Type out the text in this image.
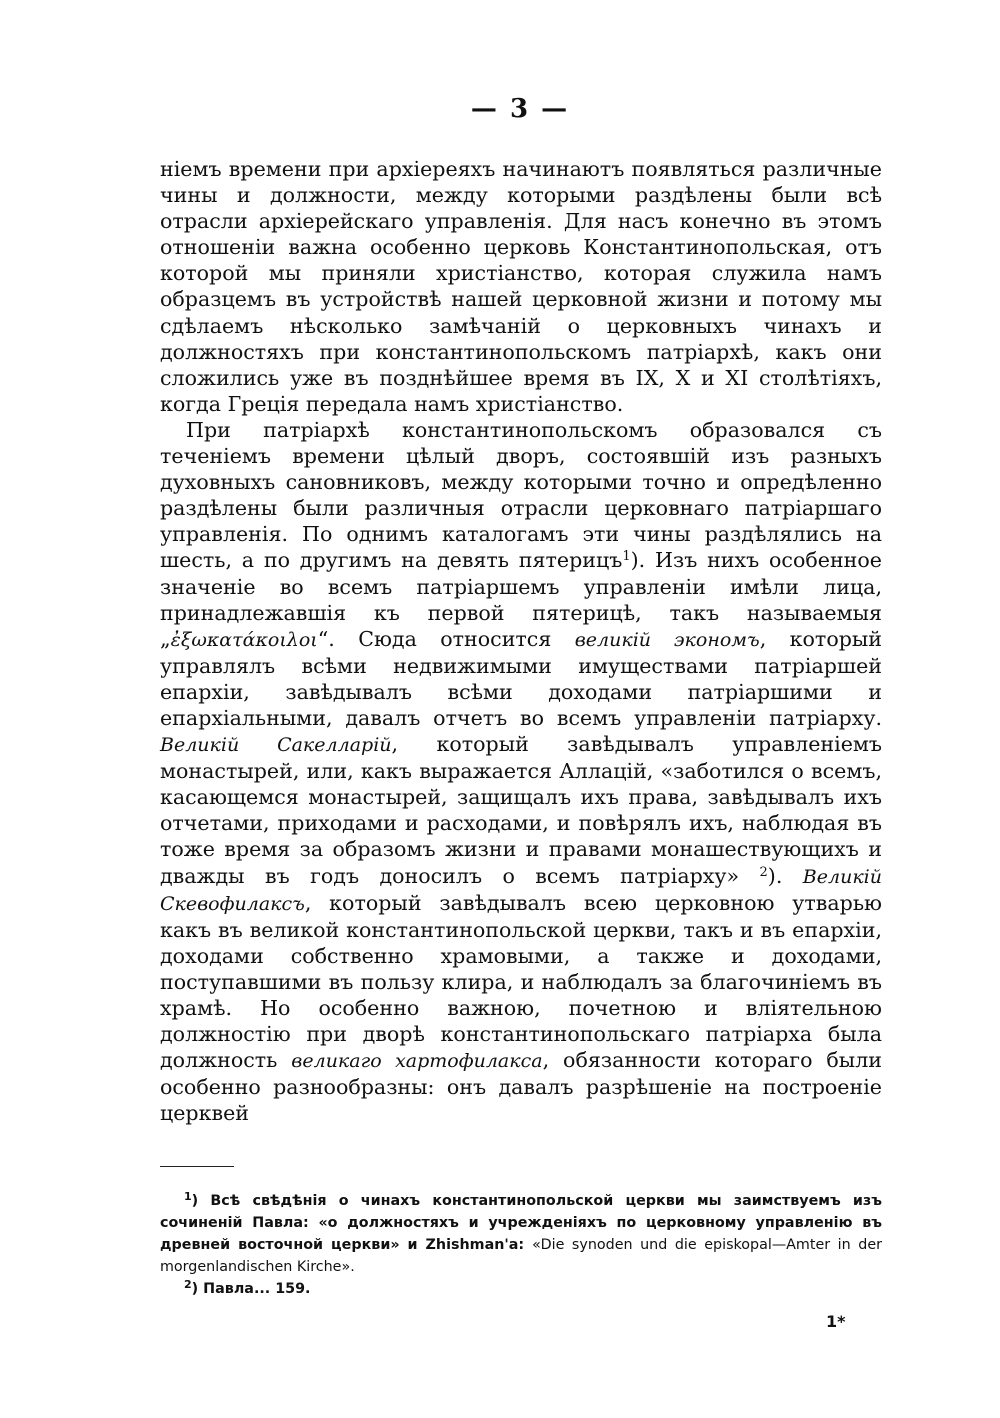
— 3 —

ніемъ времени при архіереяхъ начинаютъ появляться различные чины и должности, между которыми раздѣлены были всѣ отрасли архіерейскаго управленія. Для насъ конечно въ этомъ отношеніи важна особенно церковь Константинопольская, отъ которой мы приняли христіанство, которая служила намъ образцемъ въ устройствѣ нашей церковной жизни и потому мы сдѣлаемъ нѣсколько замѣчаній о церковныхъ чинахъ и должностяхъ при константинопольскомъ патріархѣ, какъ они сложились уже въ позднѣйшее время въ IX, X и XI столѣтіяхъ, когда Греція передала намъ христіанство.

При патріархѣ константинопольскомъ образовался съ теченіемъ времени цѣлый дворъ, состоявшій изъ разныхъ духовныхъ сановниковъ, между которыми точно и опредѣленно раздѣлены были различныя отрасли церковнаго патріаршаго управленія. По однимъ каталогамъ эти чины раздѣлялись на шесть, а по другимъ на девять пятерицъ$^1$). Изъ нихъ особенное значеніе во всемъ патріаршемъ управленіи имѣли лица, принадлежавшія къ первой пятерицѣ, такъ называемыя „ἐξωκατάκοιλοι“. Сюда относится великій экономъ, который управлялъ всѣми недвижимыми имуществами патріаршей епархіи, завѣдывалъ всѣми доходами патріаршими и епархіальными, давалъ отчетъ во всемъ управленіи патріарху. Великій Сакелларій, который завѣдывалъ управленіемъ монастырей, или, какъ выражается Аллацій, «заботился о всемъ, касающемся монастырей, защищалъ ихъ права, завѣдывалъ ихъ отчетами, приходами и расходами, и повѣрялъ ихъ, наблюдая въ тоже время за образомъ жизни и правами монашествующихъ и дважды въ годъ доносилъ о всемъ патріарху» $^2$). Великій Скевофилаксъ, который завѣдывалъ всею церковною утварью какъ въ великой константинопольской церкви, такъ и въ епархіи, доходами собственно храмовыми, а также и доходами, поступавшими въ пользу клира, и наблюдалъ за благочиніемъ въ храмѣ. Но особенно важною, почетною и вліятельною должностію при дворѣ константинопольскаго патріарха была должность великаго хартофилакса, обязанности котораго были особенно разнообразны: онъ давалъ разрѣшеніе на построеніе церквей

$^1$) Всѣ свѣдѣнія о чинахъ константинопольской церкви мы заимствуемъ изъ сочиненій Павла: «о должностяхъ и учрежденіяхъ по церковному управленію въ древней восточной церкви» и Zhishman'a: «Die synoden und die episkopal—Amter in der morgenlandischen Kirche».

$^2$) Павла... 159.

1*
